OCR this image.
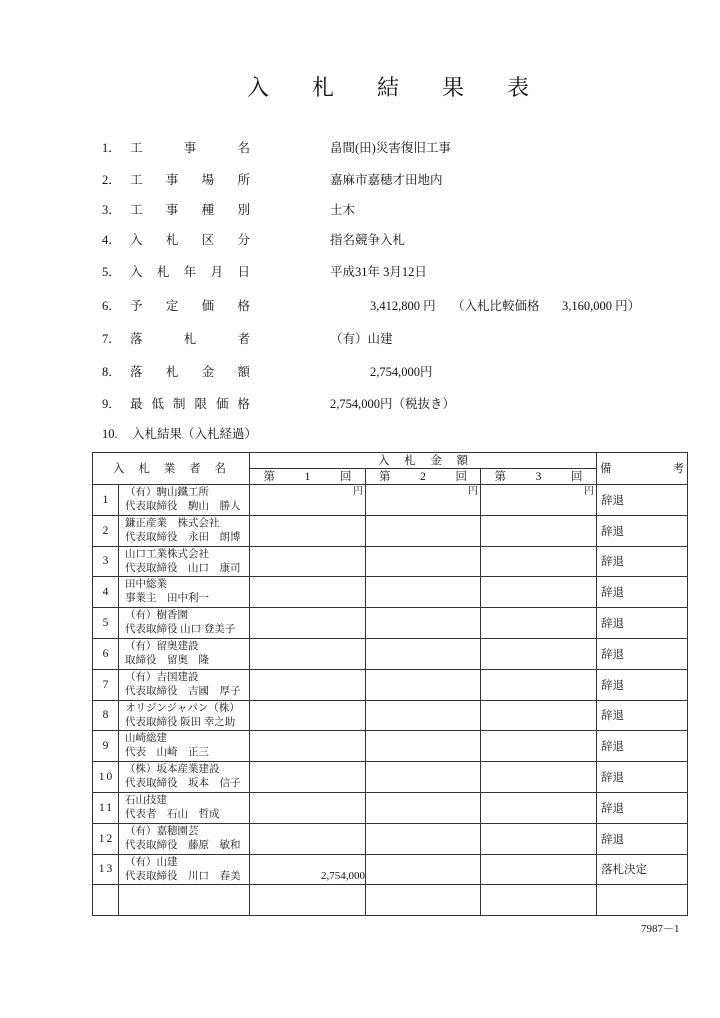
入 札 結 果 表
1． 工	事	名	畠間(田)災害復旧工事
2． 工 事 場 所	嘉麻市嘉穂才田地内
3． 工 事 種 別	土木
4． 入 札 区 分	指名競争入札
5． 入 札 年 月 日	平成31年 3月12日
6． 予 定 価 格	3,412,800 円 （入札比較価格 3,160,000 円）
7． 落	札	者	（有）山建
8． 落 札 金 額	2,754,000円
9． 最 低 制 限 価 格	2,754,000円（税抜き）
10. 入札結果（入札経過）
入 札 業 者 名		入 札 金 額			備 考

		第 1 回	第 2 回	第 3 回	

1	（有）駒山鐵工所
代表取締役　駒山　勝人	円	円	円	辞退
2	鎌正産業　株式会社
代表取締役　永田　朗博				辞退
3	山口工業株式会社
代表取締役　山口　康司				辞退
4	田中総業
事業主　田中利一				辞退
5	（有）樹香園
代表取締役 山口 登美子				辞退
6	（有）留奥建設
取締役　留奥　隆				辞退
7	（有）吉国建設
代表取締役　吉國　厚子				辞退
8	オリジンジャパン（株）
代表取締役 阪田 幸之助				辞退
9	山崎総建
代表　山崎　正三				辞退
10	（株）坂本産業建設
代表取締役　坂本　信子				辞退
11	石山技建
代表者　石山　哲成				辞退
12	（有）嘉穂園芸
代表取締役　藤原　敏和				辞退
13	（有）山建
代表取締役　川口　春美	2,754,000			落札決定

7987－1
